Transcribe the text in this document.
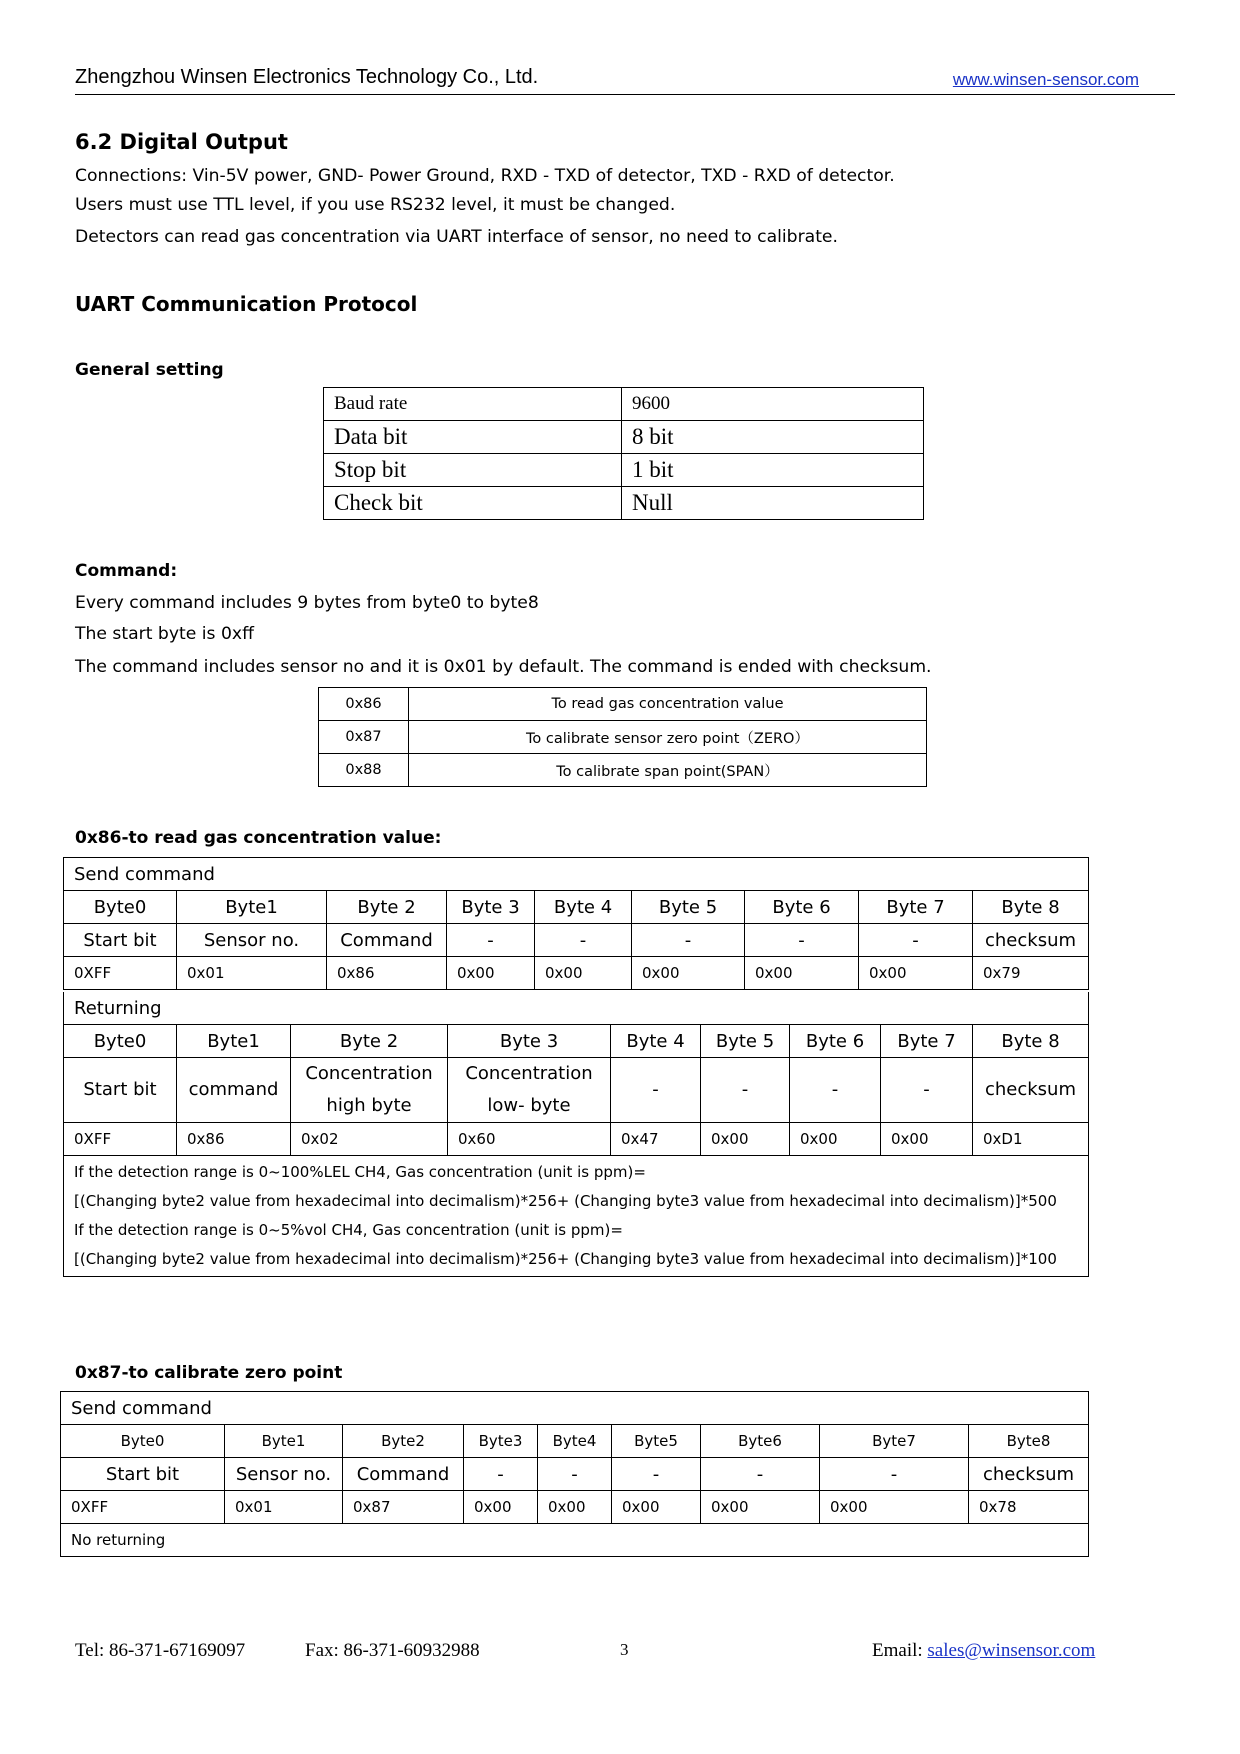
Zhengzhou Winsen Electronics Technology Co., Ltd.	www.winsen-sensor.com
6.2 Digital Output
Connections: Vin-5V power, GND- Power Ground, RXD - TXD of detector, TXD - RXD of detector.
Users must use TTL level, if you use RS232 level, it must be changed.
Detectors can read gas concentration via UART interface of sensor, no need to calibrate.
UART Communication Protocol
General setting
Baud rate	9600
Data bit	8 bit
Stop bit	1 bit
Check bit	Null
Command:
Every command includes 9 bytes from byte0 to byte8
The start byte is 0xff
The command includes sensor no and it is 0x01 by default. The command is ended with checksum.
0x86	To read gas concentration value
0x87	To calibrate sensor zero point（ZERO）
0x88	To calibrate span point(SPAN）
0x86-to read gas concentration value:
Send command								
Byte0	Byte1	Byte 2	Byte 3	Byte 4	Byte 5	Byte 6	Byte 7	Byte 8
Start bit	Sensor no.	Command	-	-	-	-	-	checksum
0XFF	0x01	0x86	0x00	0x00	0x00	0x00	0x00	0x79
Returning								
Byte0	Byte1	Byte 2	Byte 3	Byte 4	Byte 5	Byte 6	Byte 7	Byte 8
Start bit	command	Concentration high byte	Concentration low- byte	-	-	-	-	checksum
0XFF	0x86	0x02	0x60	0x47	0x00	0x00	0x00	0xD1

If the detection range is 0~100%LEL CH4, Gas concentration (unit is ppm)=
[(Changing byte2 value from hexadecimal into decimalism)*256+ (Changing byte3 value from hexadecimal into decimalism)]*500
If the detection range is 0~5%vol CH4, Gas concentration (unit is ppm)=
[(Changing byte2 value from hexadecimal into decimalism)*256+ (Changing byte3 value from hexadecimal into decimalism)]*100								
0x87-to calibrate zero point
Send command								
Byte0	Byte1	Byte2	Byte3	Byte4	Byte5	Byte6	Byte7	Byte8
Start bit	Sensor no.	Command	-	-	-	-	-	checksum
0XFF	0x01	0x87	0x00	0x00	0x00	0x00	0x00	0x78
No returning								
Tel: 86-371-67169097	Fax: 86-371-60932988	3	Email: sales@winsensor.com
